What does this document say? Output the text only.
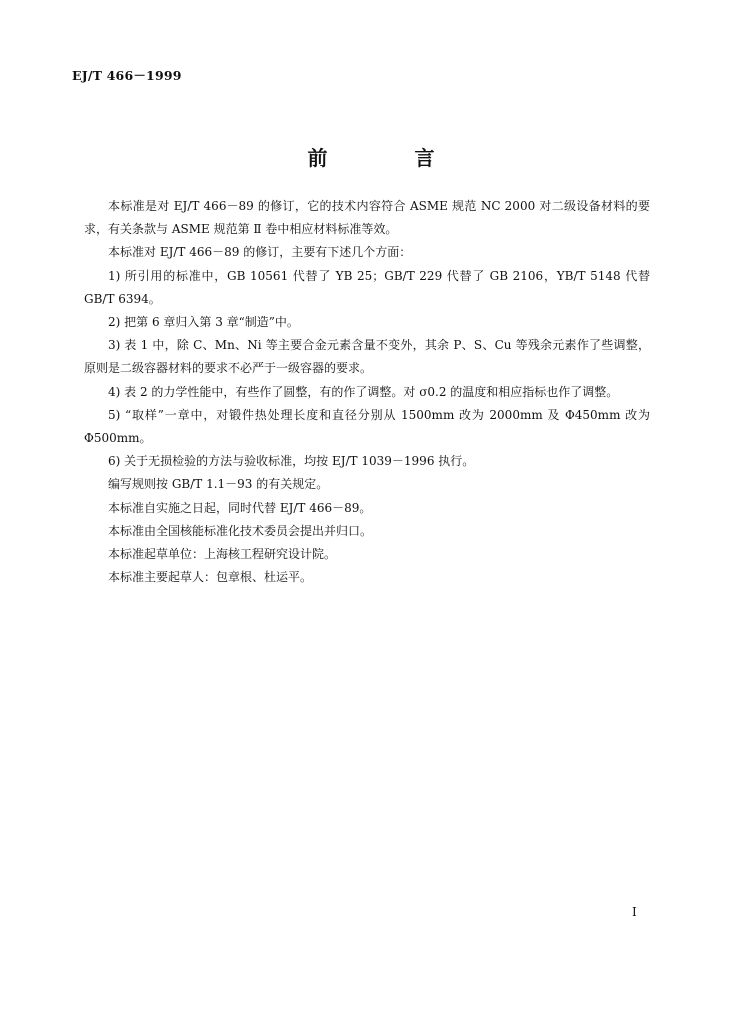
EJ/T 466－1999
前 言

本标准是对 EJ/T 466－89 的修订，它的技术内容符合 ASME 规范 NC 2000 对二级设备材料的要求，有关条款与 ASME 规范第 Ⅱ 卷中相应材料标准等效。

本标准对 EJ/T 466－89 的修订，主要有下述几个方面：

1) 所引用的标准中，GB 10561 代替了 YB 25；GB/T 229 代替了 GB 2106，YB/T 5148 代替 GB/T 6394。

2) 把第 6 章归入第 3 章“制造”中。

3) 表 1 中，除 C、Mn、Ni 等主要合金元素含量不变外，其余 P、S、Cu 等残余元素作了些调整，原则是二级容器材料的要求不必严于一级容器的要求。

4) 表 2 的力学性能中，有些作了圆整，有的作了调整。对 σ0.2 的温度和相应指标也作了调整。

5) “取样”一章中，对锻件热处理长度和直径分别从 1500mm 改为 2000mm 及 Φ450mm 改为 Φ500mm。

6) 关于无损检验的方法与验收标准，均按 EJ/T 1039－1996 执行。

编写规则按 GB/T 1.1－93 的有关规定。

本标准自实施之日起，同时代替 EJ/T 466－89。

本标准由全国核能标准化技术委员会提出并归口。

本标准起草单位：上海核工程研究设计院。

本标准主要起草人：包章根、杜运平。

I
